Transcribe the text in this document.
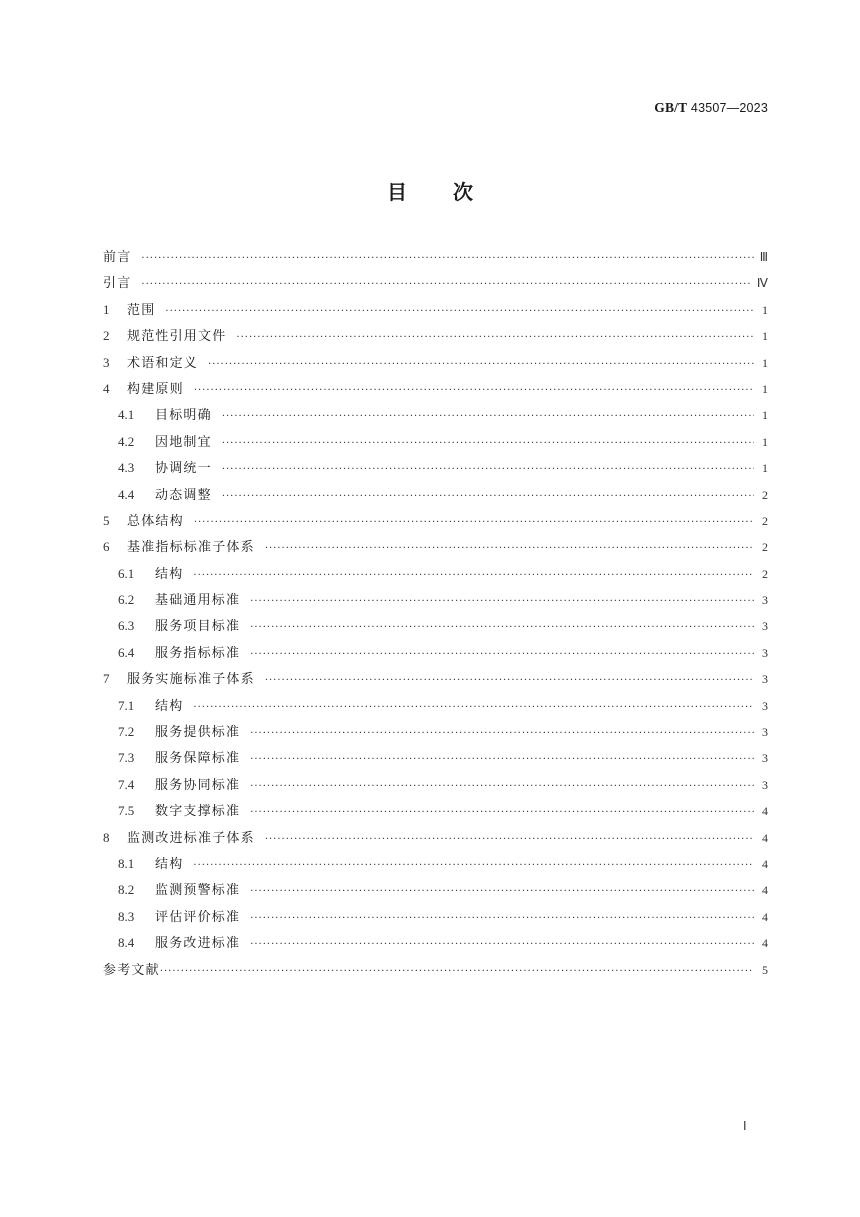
GB/T 43507—2023
目 次
前言 ·····	Ⅲ
引言 ·····	Ⅳ
1	范围 ·····	1
2	规范性引用文件 ·····	1
3	术语和定义 ·····	1
4	构建原则 ·····	1
4.1	目标明确 ·····	1
4.2	因地制宜 ·····	1
4.3	协调统一 ·····	1
4.4	动态调整 ·····	2
5	总体结构 ·····	2
6	基准指标标准子体系 ·····	2
6.1	结构 ·····	2
6.2	基础通用标准 ·····	3
6.3	服务项目标准 ·····	3
6.4	服务指标标准 ·····	3
7	服务实施标准子体系 ·····	3
7.1	结构 ·····	3
7.2	服务提供标准 ·····	3
7.3	服务保障标准 ·····	3
7.4	服务协同标准 ·····	3
7.5	数字支撑标准 ·····	4
8	监测改进标准子体系 ·····	4
8.1	结构 ·····	4
8.2	监测预警标准 ·····	4
8.3	评估评价标准 ·····	4
8.4	服务改进标准 ·····	4
参考文献 ·····	5
Ⅰ
